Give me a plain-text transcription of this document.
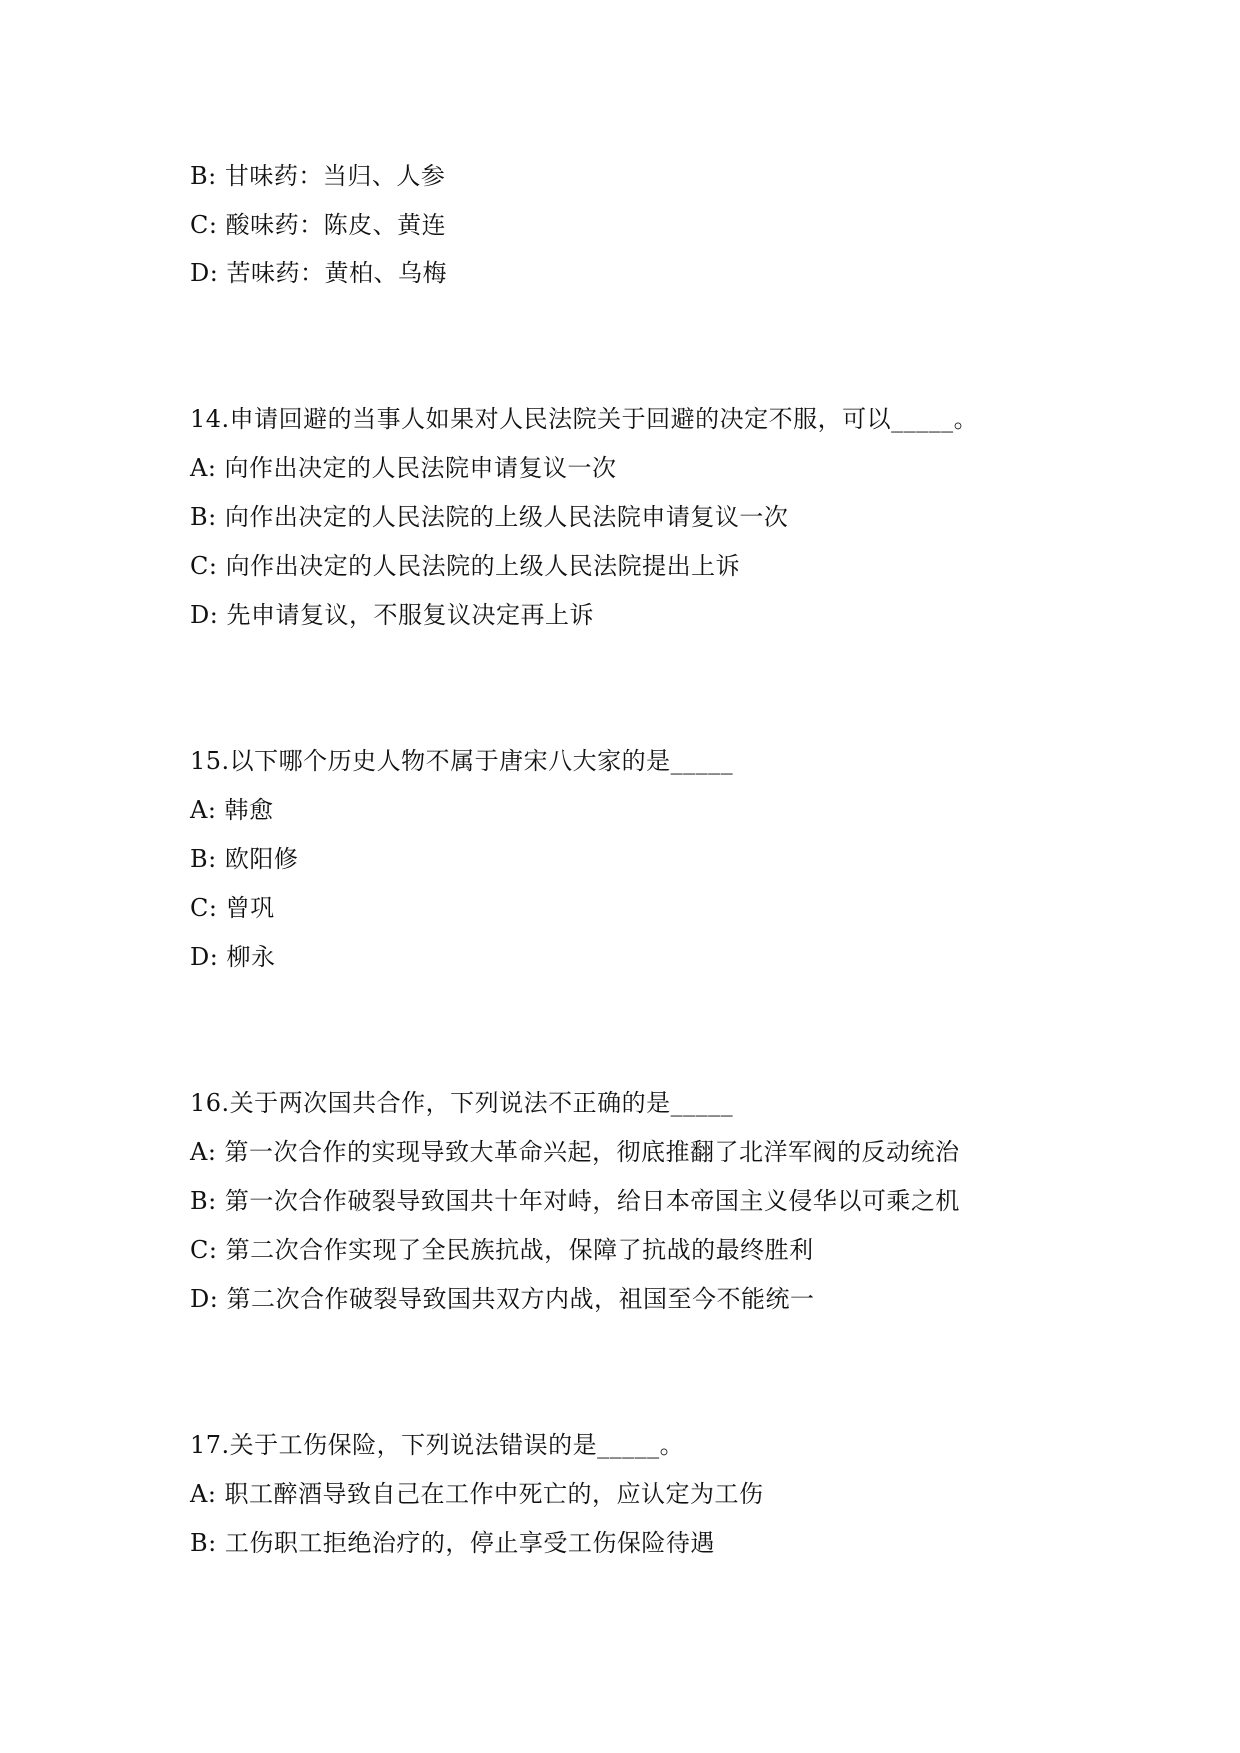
B: 甘味药：当归、人参
C: 酸味药：陈皮、黄连
D: 苦味药：黄柏、乌梅
14.申请回避的当事人如果对人民法院关于回避的决定不服，可以_____。
A: 向作出决定的人民法院申请复议一次
B: 向作出决定的人民法院的上级人民法院申请复议一次
C: 向作出决定的人民法院的上级人民法院提出上诉
D: 先申请复议，不服复议决定再上诉
15.以下哪个历史人物不属于唐宋八大家的是_____
A: 韩愈
B: 欧阳修
C: 曾巩
D: 柳永
16.关于两次国共合作，下列说法不正确的是_____
A: 第一次合作的实现导致大革命兴起，彻底推翻了北洋军阀的反动统治
B: 第一次合作破裂导致国共十年对峙，给日本帝国主义侵华以可乘之机
C: 第二次合作实现了全民族抗战，保障了抗战的最终胜利
D: 第二次合作破裂导致国共双方内战，祖国至今不能统一
17.关于工伤保险，下列说法错误的是_____。
A: 职工醉酒导致自己在工作中死亡的，应认定为工伤
B: 工伤职工拒绝治疗的，停止享受工伤保险待遇
